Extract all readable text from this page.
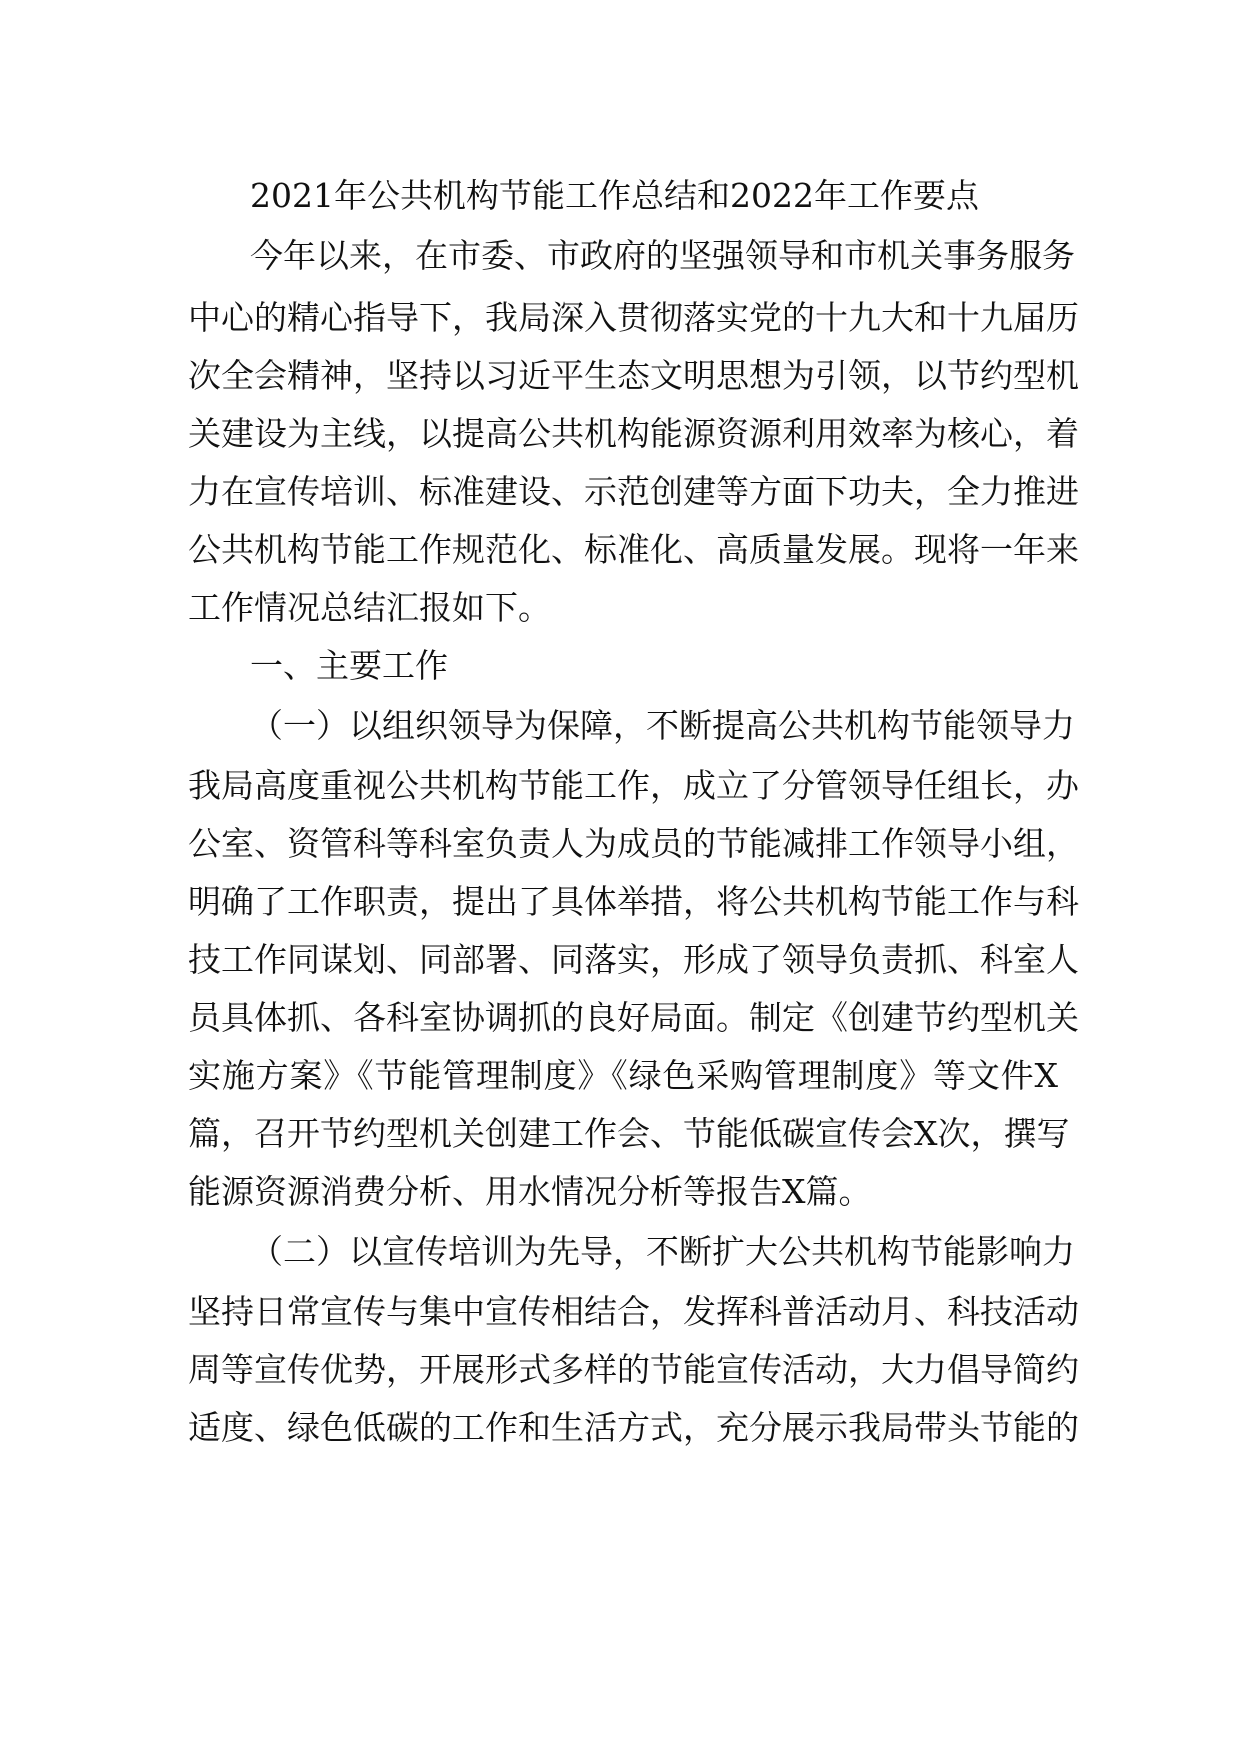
2021年公共机构节能工作总结和2022年工作要点
今年以来，在市委、市政府的坚强领导和市机关事务服务
中心的精心指导下，我局深入贯彻落实党的十九大和十九届历
次全会精神，坚持以习近平生态文明思想为引领，以节约型机
关建设为主线，以提高公共机构能源资源利用效率为核心，着
力在宣传培训、标准建设、示范创建等方面下功夫，全力推进
公共机构节能工作规范化、标准化、高质量发展。现将一年来
工作情况总结汇报如下。
一、主要工作
（一）以组织领导为保障，不断提高公共机构节能领导力
我局高度重视公共机构节能工作，成立了分管领导任组长，办
公室、资管科等科室负责人为成员的节能减排工作领导小组，
明确了工作职责，提出了具体举措，将公共机构节能工作与科
技工作同谋划、同部署、同落实，形成了领导负责抓、科室人
员具体抓、各科室协调抓的良好局面。制定《创建节约型机关
实施方案》《节能管理制度》《绿色采购管理制度》等文件X
篇，召开节约型机关创建工作会、节能低碳宣传会X次，撰写
能源资源消费分析、用水情况分析等报告X篇。
（二）以宣传培训为先导，不断扩大公共机构节能影响力
坚持日常宣传与集中宣传相结合，发挥科普活动月、科技活动
周等宣传优势，开展形式多样的节能宣传活动，大力倡导简约
适度、绿色低碳的工作和生活方式，充分展示我局带头节能的
